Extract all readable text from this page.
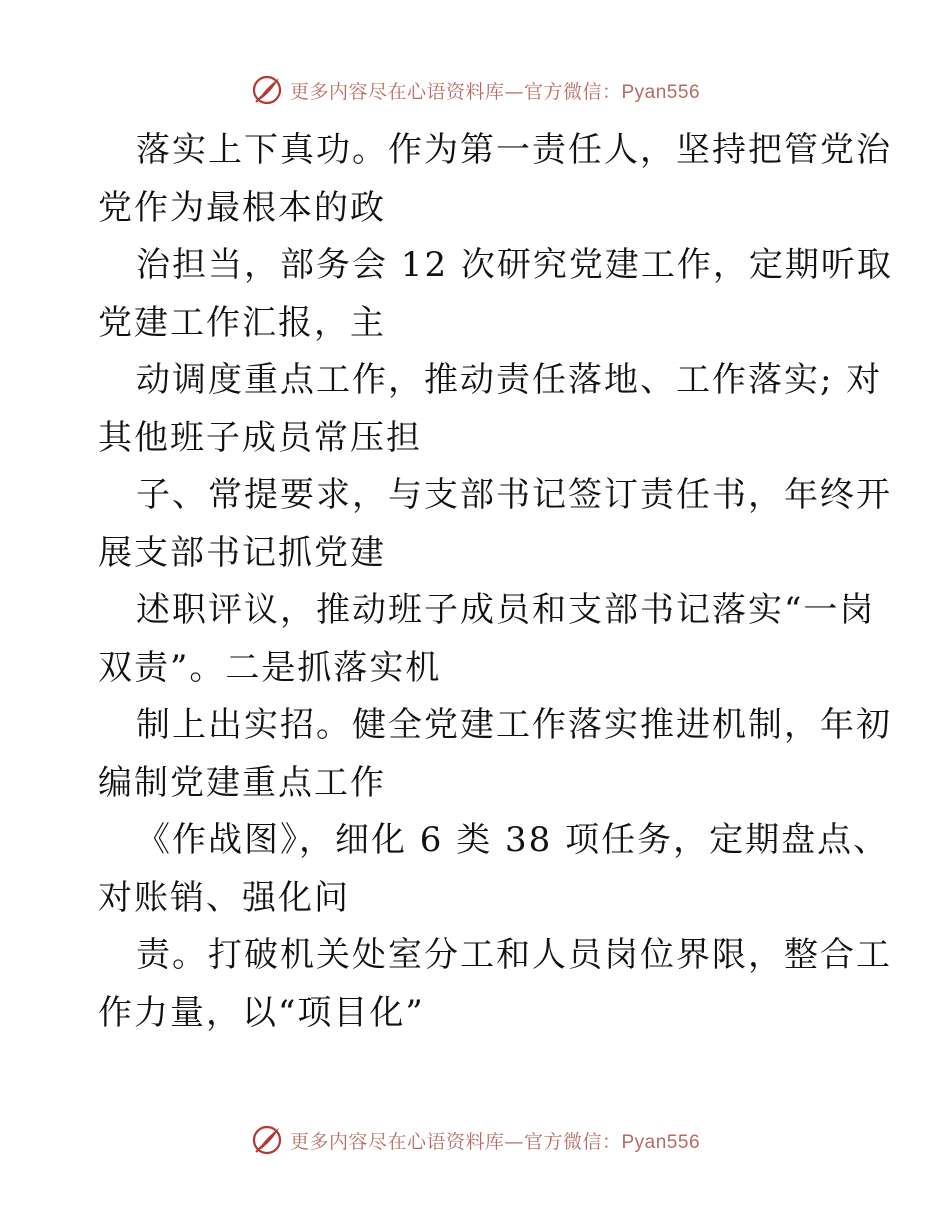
更多内容尽在心语资料库—官方微信：Pyan556
落实上下真功。作为第一责任人，坚持把管党治
党作为最根本的政
治担当，部务会 12 次研究党建工作，定期听取
党建工作汇报，主
动调度重点工作，推动责任落地、工作落实; 对
其他班子成员常压担
子、常提要求，与支部书记签订责任书，年终开
展支部书记抓党建
述职评议，推动班子成员和支部书记落实“一岗
双责”。二是抓落实机
制上出实招。健全党建工作落实推进机制，年初
编制党建重点工作
《作战图》，细化 6 类 38 项任务，定期盘点、
对账销、强化问
责。打破机关处室分工和人员岗位界限，整合工
作力量，以“项目化”
更多内容尽在心语资料库—官方微信：Pyan556
